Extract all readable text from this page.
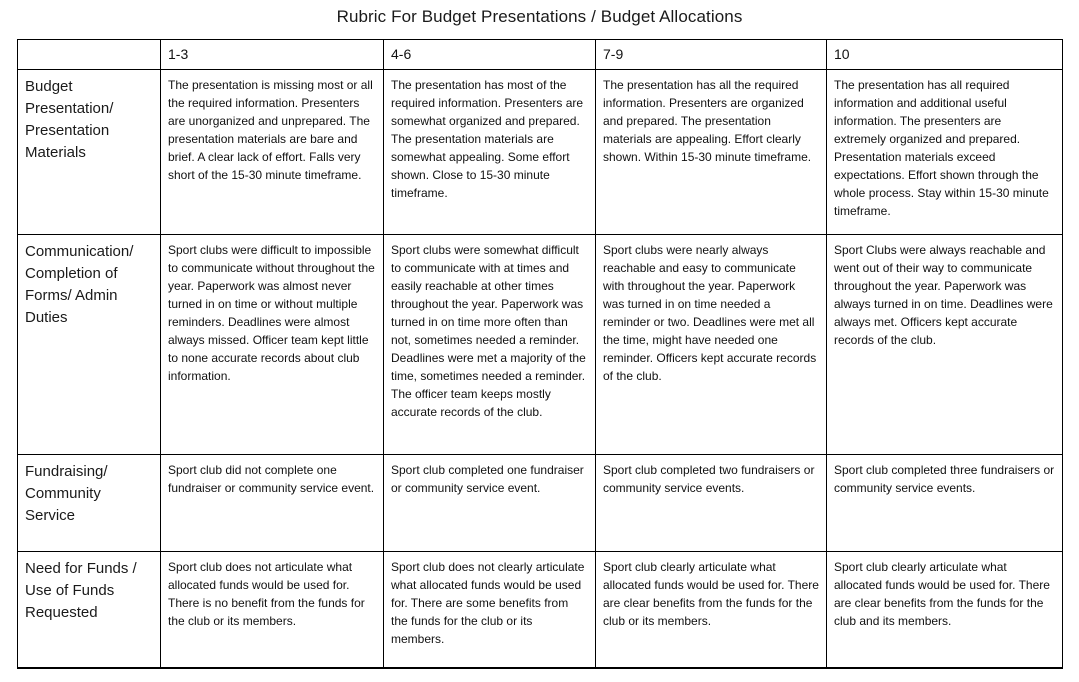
Rubric For Budget Presentations / Budget Allocations
	1-3	4-6	7-9	10
Budget Presentation/ Presentation Materials	The presentation is missing most or all the required information. Presenters are unorganized and unprepared. The presentation materials are bare and brief. A clear lack of effort. Falls very short of the 15-30 minute timeframe.	The presentation has most of the required information. Presenters are somewhat organized and prepared. The presentation materials are somewhat appealing. Some effort shown. Close to 15-30 minute timeframe.	The presentation has all the required information. Presenters are organized and prepared. The presentation materials are appealing. Effort clearly shown. Within 15-30 minute timeframe.	The presentation has all required information and additional useful information. The presenters are extremely organized and prepared. Presentation materials exceed expectations. Effort shown through the whole process. Stay within 15-30 minute timeframe.
Communication/ Completion of Forms/ Admin Duties	Sport clubs were difficult to impossible to communicate without throughout the year. Paperwork was almost never turned in on time or without multiple reminders. Deadlines were almost always missed. Officer team kept little to none accurate records about club information.	Sport clubs were somewhat difficult to communicate with at times and easily reachable at other times throughout the year. Paperwork was turned in on time more often than not, sometimes needed a reminder. Deadlines were met a majority of the time, sometimes needed a reminder. The officer team keeps mostly accurate records of the club.	Sport clubs were nearly always reachable and easy to communicate with throughout the year. Paperwork was turned in on time needed a reminder or two. Deadlines were met all the time, might have needed one reminder. Officers kept accurate records of the club.	Sport Clubs were always reachable and went out of their way to communicate throughout the year. Paperwork was always turned in on time. Deadlines were always met. Officers kept accurate records of the club.
Fundraising/ Community Service	Sport club did not complete one fundraiser or community service event.	Sport club completed one fundraiser or community service event.	Sport club completed two fundraisers or community service events.	Sport club completed three fundraisers or community service events.
Need for Funds / Use of Funds Requested	Sport club does not articulate what allocated funds would be used for. There is no benefit from the funds for the club or its members.	Sport club does not clearly articulate what allocated funds would be used for. There are some benefits from the funds for the club or its members.	Sport club clearly articulate what allocated funds would be used for. There are clear benefits from the funds for the club or its members.	Sport club clearly articulate what allocated funds would be used for. There are clear benefits from the funds for the club and its members.
